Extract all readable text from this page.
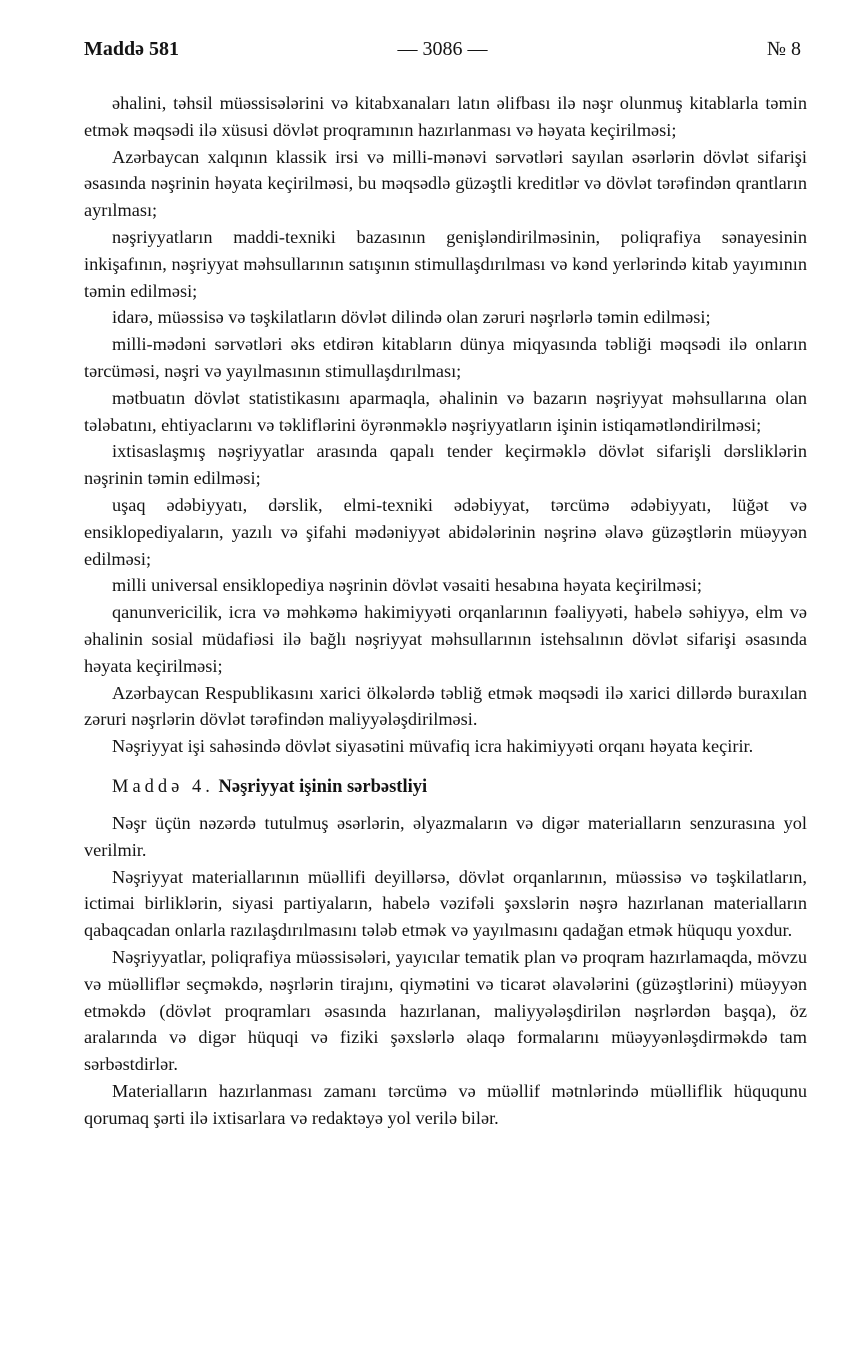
Maddə 581	— 3086 —	№ 8

əhalini, təhsil müəssisələrini və kitabxanaları latın əlifbası ilə nəşr olunmuş kitablarla təmin etmək məqsədi ilə xüsusi dövlət proqramının hazırlanması və həyata keçirilməsi;

Azərbaycan xalqının klassik irsi və milli-mənəvi sərvətləri sayılan əsərlərin dövlət sifarişi əsasında nəşrinin həyata keçirilməsi, bu məqsədlə güzəştli kreditlər və dövlət tərəfindən qrantların ayrılması;

nəşriyyatların maddi-texniki bazasının genişləndirilməsinin, poliqrafiya sənayesinin inkişafının, nəşriyyat məhsullarının satışının stimullaşdırılması və kənd yerlərində kitab yayımının təmin edilməsi;

idarə, müəssisə və təşkilatların dövlət dilində olan zəruri nəşrlərlə təmin edilməsi;

milli-mədəni sərvətləri əks etdirən kitabların dünya miqyasında təbliği məqsədi ilə onların tərcüməsi, nəşri və yayılmasının stimullaşdırılması;

mətbuatın dövlət statistikasını aparmaqla, əhalinin və bazarın nəşriyyat məhsullarına olan tələbatını, ehtiyaclarını və təkliflərini öyrənməklə nəşriyyatların işinin istiqamətləndirilməsi;

ixtisaslaşmış nəşriyyatlar arasında qapalı tender keçirməklə dövlət sifarişli dərsliklərin nəşrinin təmin edilməsi;

uşaq ədəbiyyatı, dərslik, elmi-texniki ədəbiyyat, tərcümə ədəbiyyatı, lüğət və ensiklopediyaların, yazılı və şifahi mədəniyyət abidələrinin nəşrinə əlavə güzəştlərin müəyyən edilməsi;

milli universal ensiklopediya nəşrinin dövlət vəsaiti hesabına həyata keçirilməsi;

qanunvericilik, icra və məhkəmə hakimiyyəti orqanlarının fəaliyyəti, habelə səhiyyə, elm və əhalinin sosial müdafiəsi ilə bağlı nəşriyyat məhsullarının istehsalının dövlət sifarişi əsasında həyata keçirilməsi;

Azərbaycan Respublikasını xarici ölkələrdə təbliğ etmək məqsədi ilə xarici dillərdə buraxılan zəruri nəşrlərin dövlət tərəfindən maliyyələşdirilməsi.

Nəşriyyat işi sahəsində dövlət siyasətini müvafiq icra hakimiyyəti orqanı həyata keçirir.

Maddə 4. Nəşriyyat işinin sərbəstliyi

Nəşr üçün nəzərdə tutulmuş əsərlərin, əlyazmaların və digər materialların senzurasına yol verilmir.

Nəşriyyat materiallarının müəllifi deyillərsə, dövlət orqanlarının, müəssisə və təşkilatların, ictimai birliklərin, siyasi partiyaların, habelə vəzifəli şəxslərin nəşrə hazırlanan materialların qabaqcadan onlarla razılaşdırılmasını tələb etmək və yayılmasını qadağan etmək hüququ yoxdur.

Nəşriyyatlar, poliqrafiya müəssisələri, yayıcılar tematik plan və proqram hazırlamaqda, mövzu və müəlliflər seçməkdə, nəşrlərin tirajını, qiymətini və ticarət əlavələrini (güzəştlərini) müəyyən etməkdə (dövlət proqramları əsasında hazırlanan, maliyyələşdirilən nəşrlərdən başqa), öz aralarında və digər hüquqi və fiziki şəxslərlə əlaqə formalarını müəyyənləşdirməkdə tam sərbəstdirlər.

Materialların hazırlanması zamanı tərcümə və müəllif mətnlərində müəlliflik hüququnu qorumaq şərti ilə ixtisarlara və redaktəyə yol verilə bilər.
